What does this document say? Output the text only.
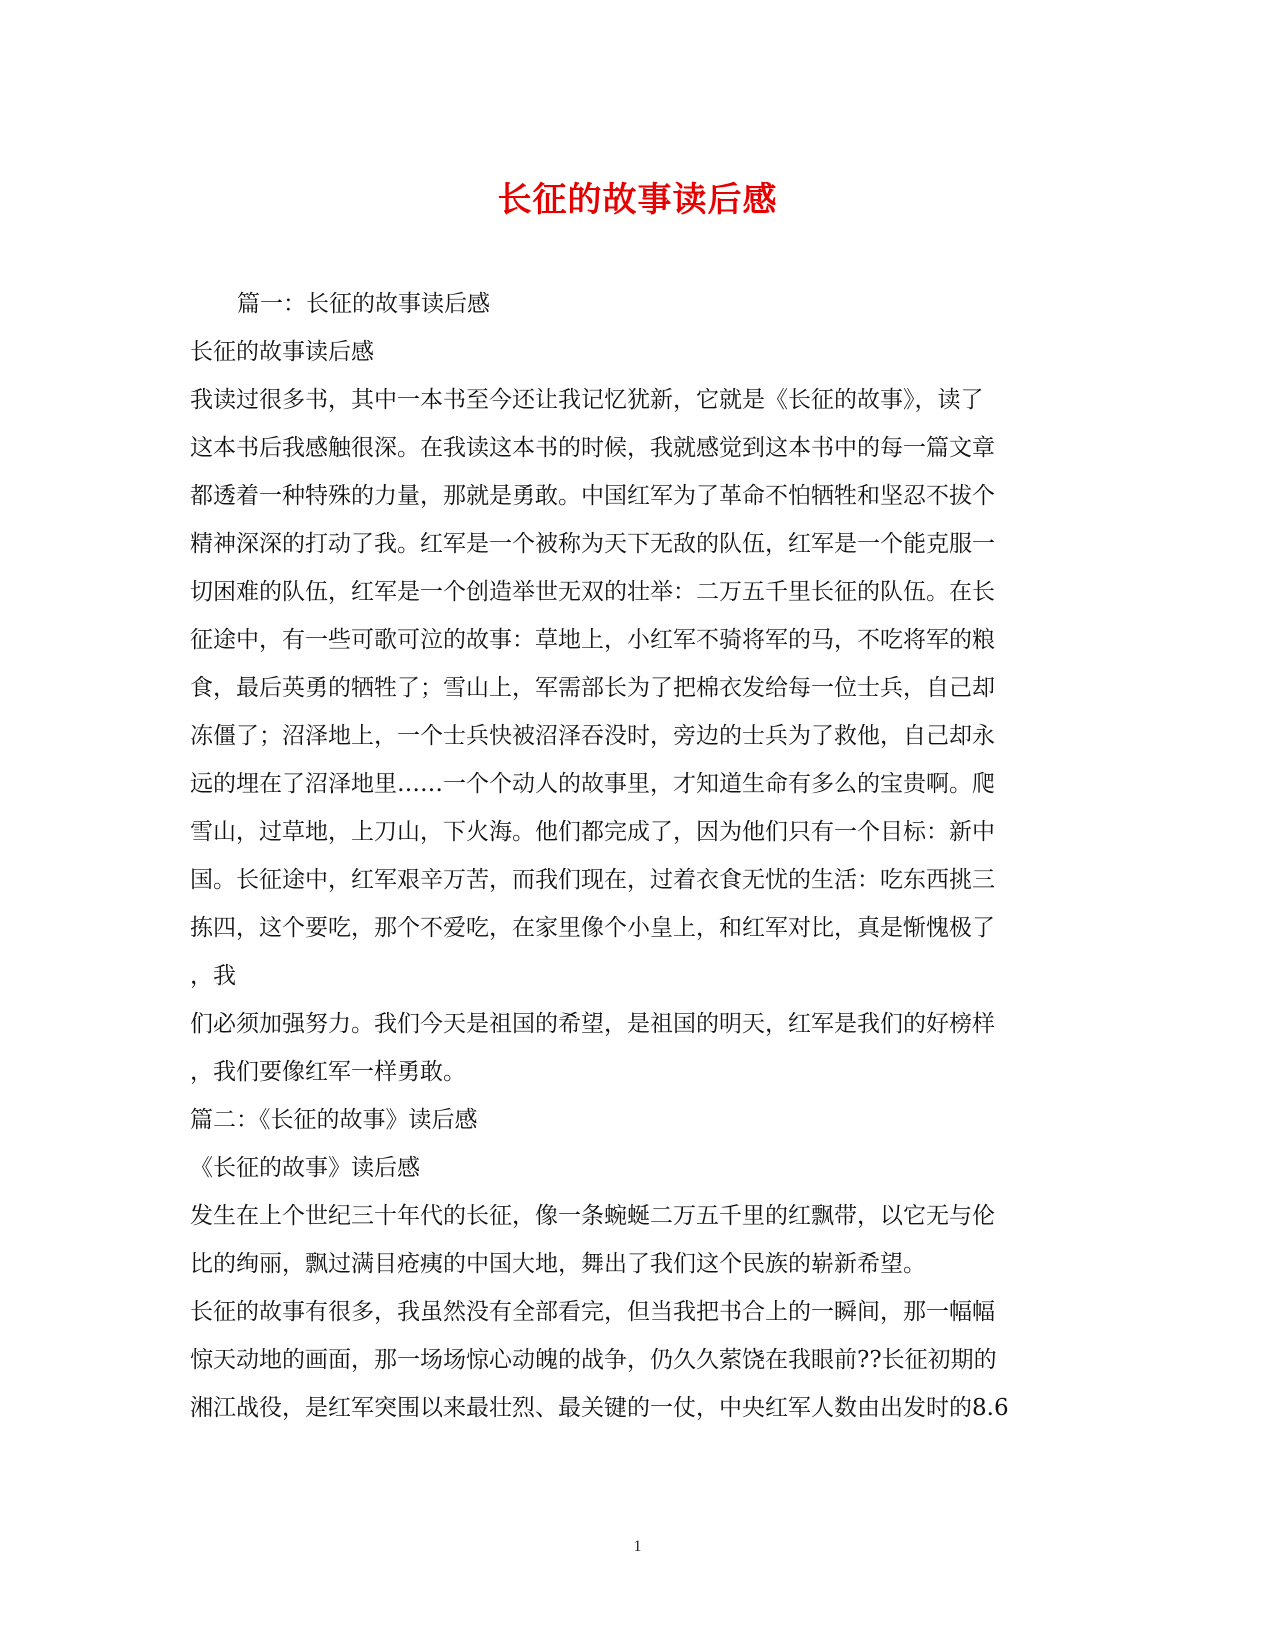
长征的故事读后感
篇一：长征的故事读后感
长征的故事读后感
我读过很多书，其中一本书至今还让我记忆犹新，它就是《长征的故事》，读了
这本书后我感触很深。在我读这本书的时候，我就感觉到这本书中的每一篇文章
都透着一种特殊的力量，那就是勇敢。中国红军为了革命不怕牺牲和坚忍不拔个
精神深深的打动了我。红军是一个被称为天下无敌的队伍，红军是一个能克服一
切困难的队伍，红军是一个创造举世无双的壮举：二万五千里长征的队伍。在长
征途中，有一些可歌可泣的故事：草地上，小红军不骑将军的马，不吃将军的粮
食，最后英勇的牺牲了；雪山上，军需部长为了把棉衣发给每一位士兵，自己却
冻僵了；沼泽地上，一个士兵快被沼泽吞没时，旁边的士兵为了救他，自己却永
远的埋在了沼泽地里……一个个动人的故事里，才知道生命有多么的宝贵啊。爬
雪山，过草地，上刀山，下火海。他们都完成了，因为他们只有一个目标：新中
国。长征途中，红军艰辛万苦，而我们现在，过着衣食无忧的生活：吃东西挑三
拣四，这个要吃，那个不爱吃，在家里像个小皇上，和红军对比，真是惭愧极了
，我
们必须加强努力。我们今天是祖国的希望，是祖国的明天，红军是我们的好榜样
，我们要像红军一样勇敢。
篇二：《长征的故事》读后感
《长征的故事》读后感
发生在上个世纪三十年代的长征，像一条蜿蜒二万五千里的红飘带，以它无与伦
比的绚丽，飘过满目疮痍的中国大地，舞出了我们这个民族的崭新希望。
长征的故事有很多，我虽然没有全部看完，但当我把书合上的一瞬间，那一幅幅
惊天动地的画面，那一场场惊心动魄的战争，仍久久萦饶在我眼前??长征初期的
湘江战役，是红军突围以来最壮烈、最关键的一仗，中央红军人数由出发时的8.6
1
